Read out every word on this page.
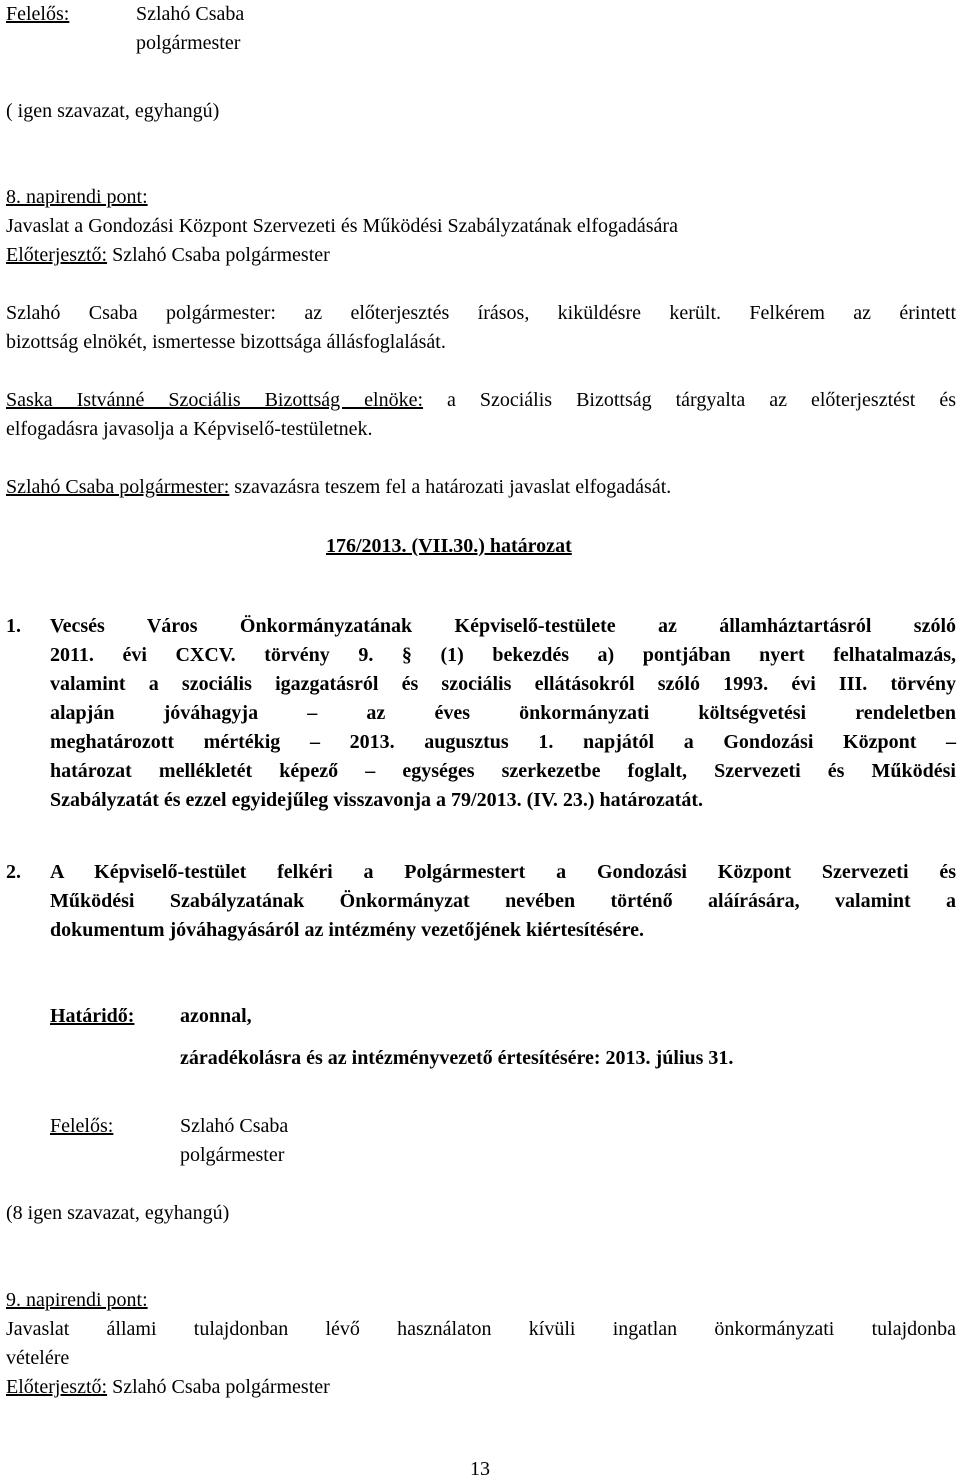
Felelős:	Szlahó Csaba
polgármester
( igen szavazat, egyhangú)
8. napirendi pont:
Javaslat a Gondozási Központ Szervezeti és Működési Szabályzatának elfogadására
Előterjesztő: Szlahó Csaba polgármester
Szlahó Csaba polgármester: az előterjesztés írásos, kiküldésre került. Felkérem az érintett
bizottság elnökét, ismertesse bizottsága állásfoglalását.
Saska Istvánné Szociális Bizottság elnöke: a Szociális Bizottság tárgyalta az előterjesztést és
elfogadásra javasolja a Képviselő-testületnek.
Szlahó Csaba polgármester: szavazásra teszem fel a határozati javaslat elfogadását.
176/2013. (VII.30.) határozat
1. Vecsés Város Önkormányzatának Képviselő-testülete az államháztartásról szóló
2011. évi CXCV. törvény 9. § (1) bekezdés a) pontjában nyert felhatalmazás,
valamint a szociális igazgatásról és szociális ellátásokról szóló 1993. évi III. törvény
alapján jóváhagyja – az éves önkormányzati költségvetési rendeletben
meghatározott mértékig – 2013. augusztus 1. napjától a Gondozási Központ –
határozat mellékletét képező – egységes szerkezetbe foglalt, Szervezeti és Működési
Szabályzatát és ezzel egyidejűleg visszavonja a 79/2013. (IV. 23.) határozatát.
2. A Képviselő-testület felkéri a Polgármestert a Gondozási Központ Szervezeti és
Működési Szabályzatának Önkormányzat nevében történő aláírására, valamint a
dokumentum jóváhagyásáról az intézmény vezetőjének kiértesítésére.
Határidő: azonnal,
záradékolásra és az intézményvezető értesítésére: 2013. július 31.
Felelős:	Szlahó Csaba
polgármester
(8 igen szavazat, egyhangú)
9. napirendi pont:
Javaslat állami tulajdonban lévő használaton kívüli ingatlan önkormányzati tulajdonba
vételére
Előterjesztő: Szlahó Csaba polgármester
13
